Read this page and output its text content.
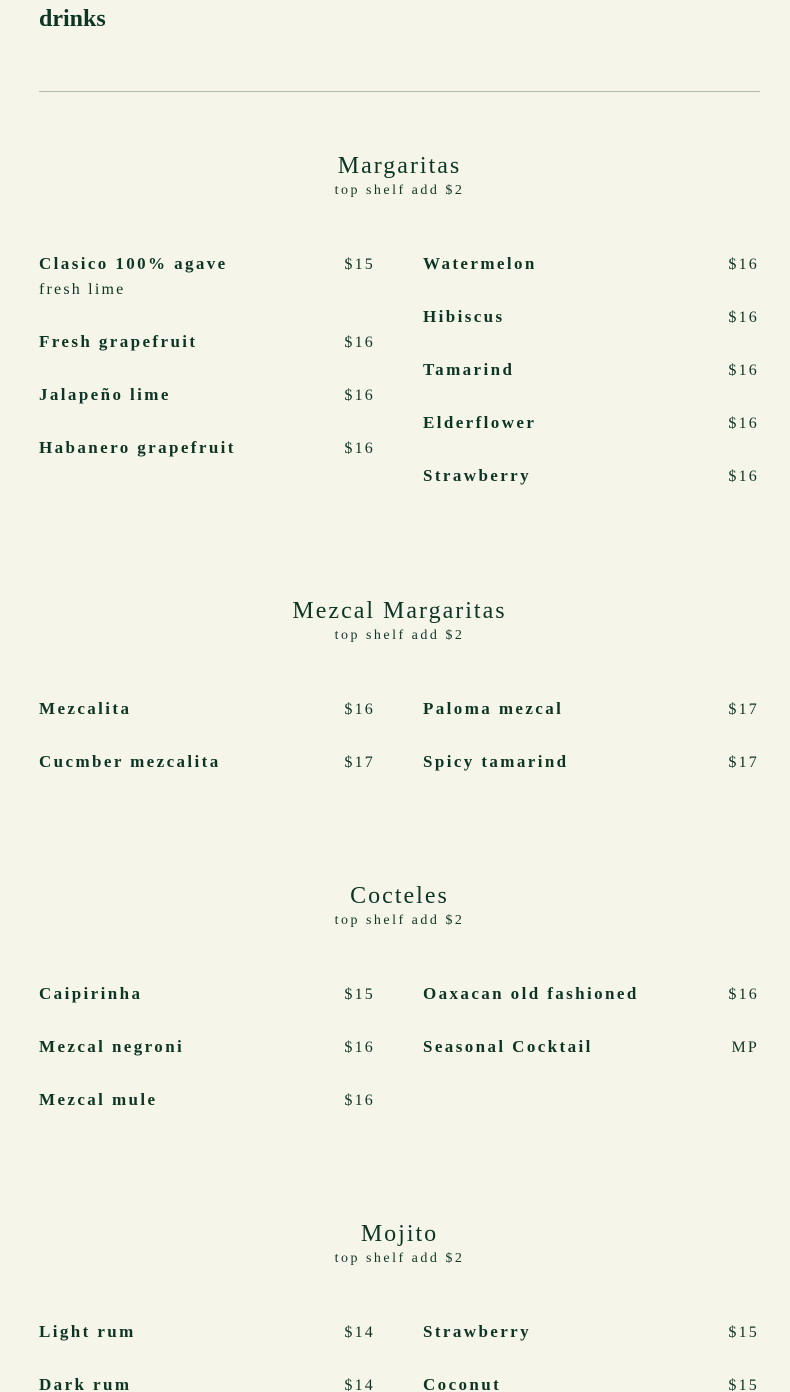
drinks
Margaritas
top shelf add $2
Clasico 100% agave	$15
fresh lime
Fresh grapefruit	$16
Jalapeño lime	$16
Habanero grapefruit	$16
Watermelon	$16
Hibiscus	$16
Tamarind	$16
Elderflower	$16
Strawberry	$16
Mezcal Margaritas
top shelf add $2
Mezcalita	$16
Cucmber mezcalita	$17
Paloma mezcal	$17
Spicy tamarind	$17
Cocteles
top shelf add $2
Caipirinha	$15
Mezcal negroni	$16
Mezcal mule	$16
Oaxacan old fashioned	$16
Seasonal Cocktail	MP
Mojito
top shelf add $2
Light rum	$14
Dark rum	$14
Strawberry	$15
Coconut	$15
